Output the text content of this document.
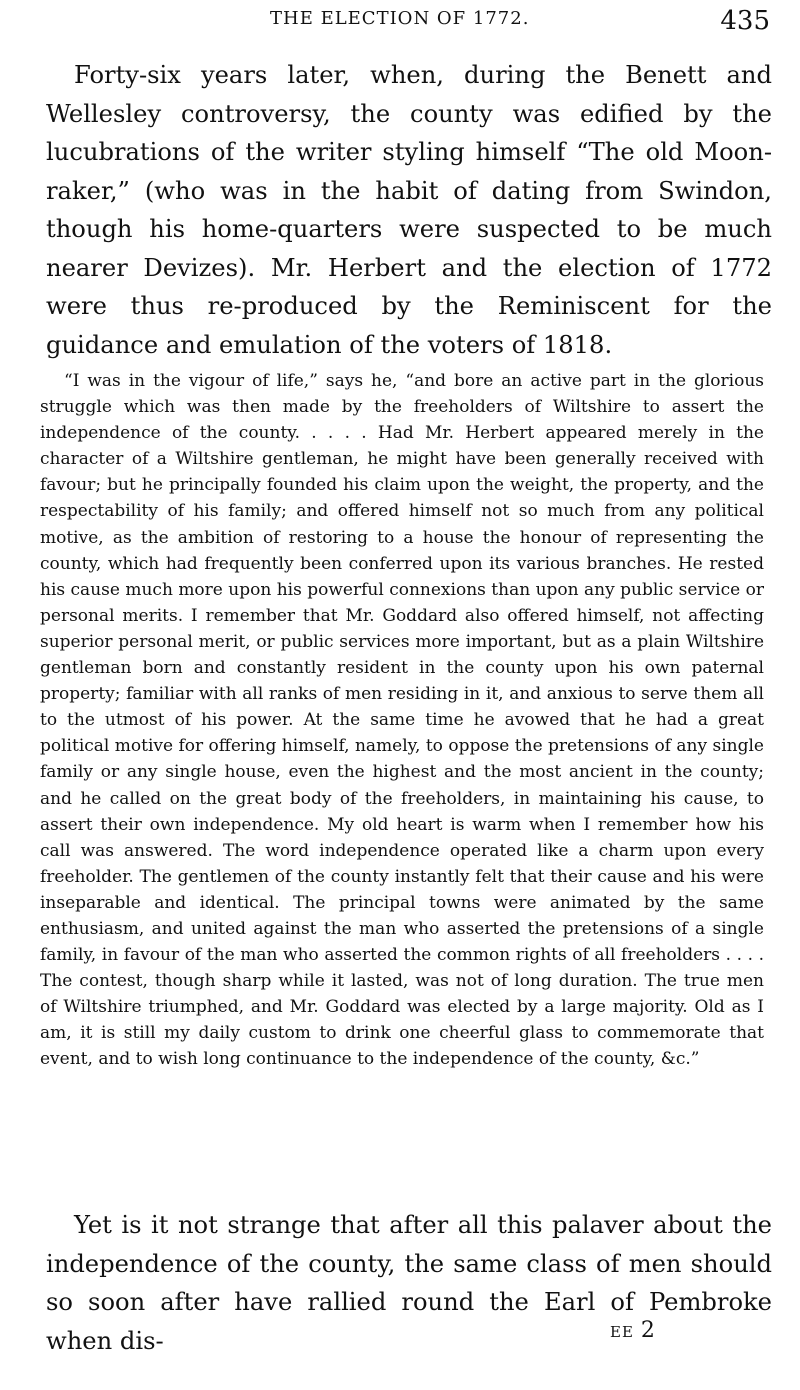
THE ELECTION OF 1772.	435

Forty-six years later, when, during the Benett and Wellesley controversy, the county was edified by the lucubrations of the writer styling himself “The old Moon-raker,” (who was in the habit of dating from Swindon, though his home-quarters were suspected to be much nearer Devizes). Mr. Herbert and the election of 1772 were thus re-produced by the Reminiscent for the guidance and emulation of the voters of 1818.

“I was in the vigour of life,” says he, “and bore an active part in the glorious struggle which was then made by the freeholders of Wiltshire to assert the independence of the county. . . . . Had Mr. Herbert appeared merely in the character of a Wiltshire gentleman, he might have been generally received with favour; but he principally founded his claim upon the weight, the property, and the respectability of his family; and offered himself not so much from any political motive, as the ambition of restoring to a house the honour of representing the county, which had frequently been conferred upon its various branches. He rested his cause much more upon his powerful connexions than upon any public service or personal merits. I remember that Mr. Goddard also offered himself, not affecting superior personal merit, or public services more important, but as a plain Wiltshire gentleman born and constantly resident in the county upon his own paternal property; familiar with all ranks of men residing in it, and anxious to serve them all to the utmost of his power. At the same time he avowed that he had a great political motive for offering himself, namely, to oppose the pretensions of any single family or any single house, even the highest and the most ancient in the county; and he called on the great body of the freeholders, in maintaining his cause, to assert their own independence. My old heart is warm when I remember how his call was answered. The word independence operated like a charm upon every freeholder. The gentlemen of the county instantly felt that their cause and his were inseparable and identical. The principal towns were animated by the same enthusiasm, and united against the man who asserted the pretensions of a single family, in favour of the man who asserted the common rights of all freeholders . . . . The contest, though sharp while it lasted, was not of long duration. The true men of Wiltshire triumphed, and Mr. Goddard was elected by a large majority. Old as I am, it is still my daily custom to drink one cheerful glass to commemorate that event, and to wish long continuance to the independence of the county, &c.”

Yet is it not strange that after all this palaver about the independence of the county, the same class of men should so soon after have rallied round the Earl of Pembroke when dis-	EE 2
